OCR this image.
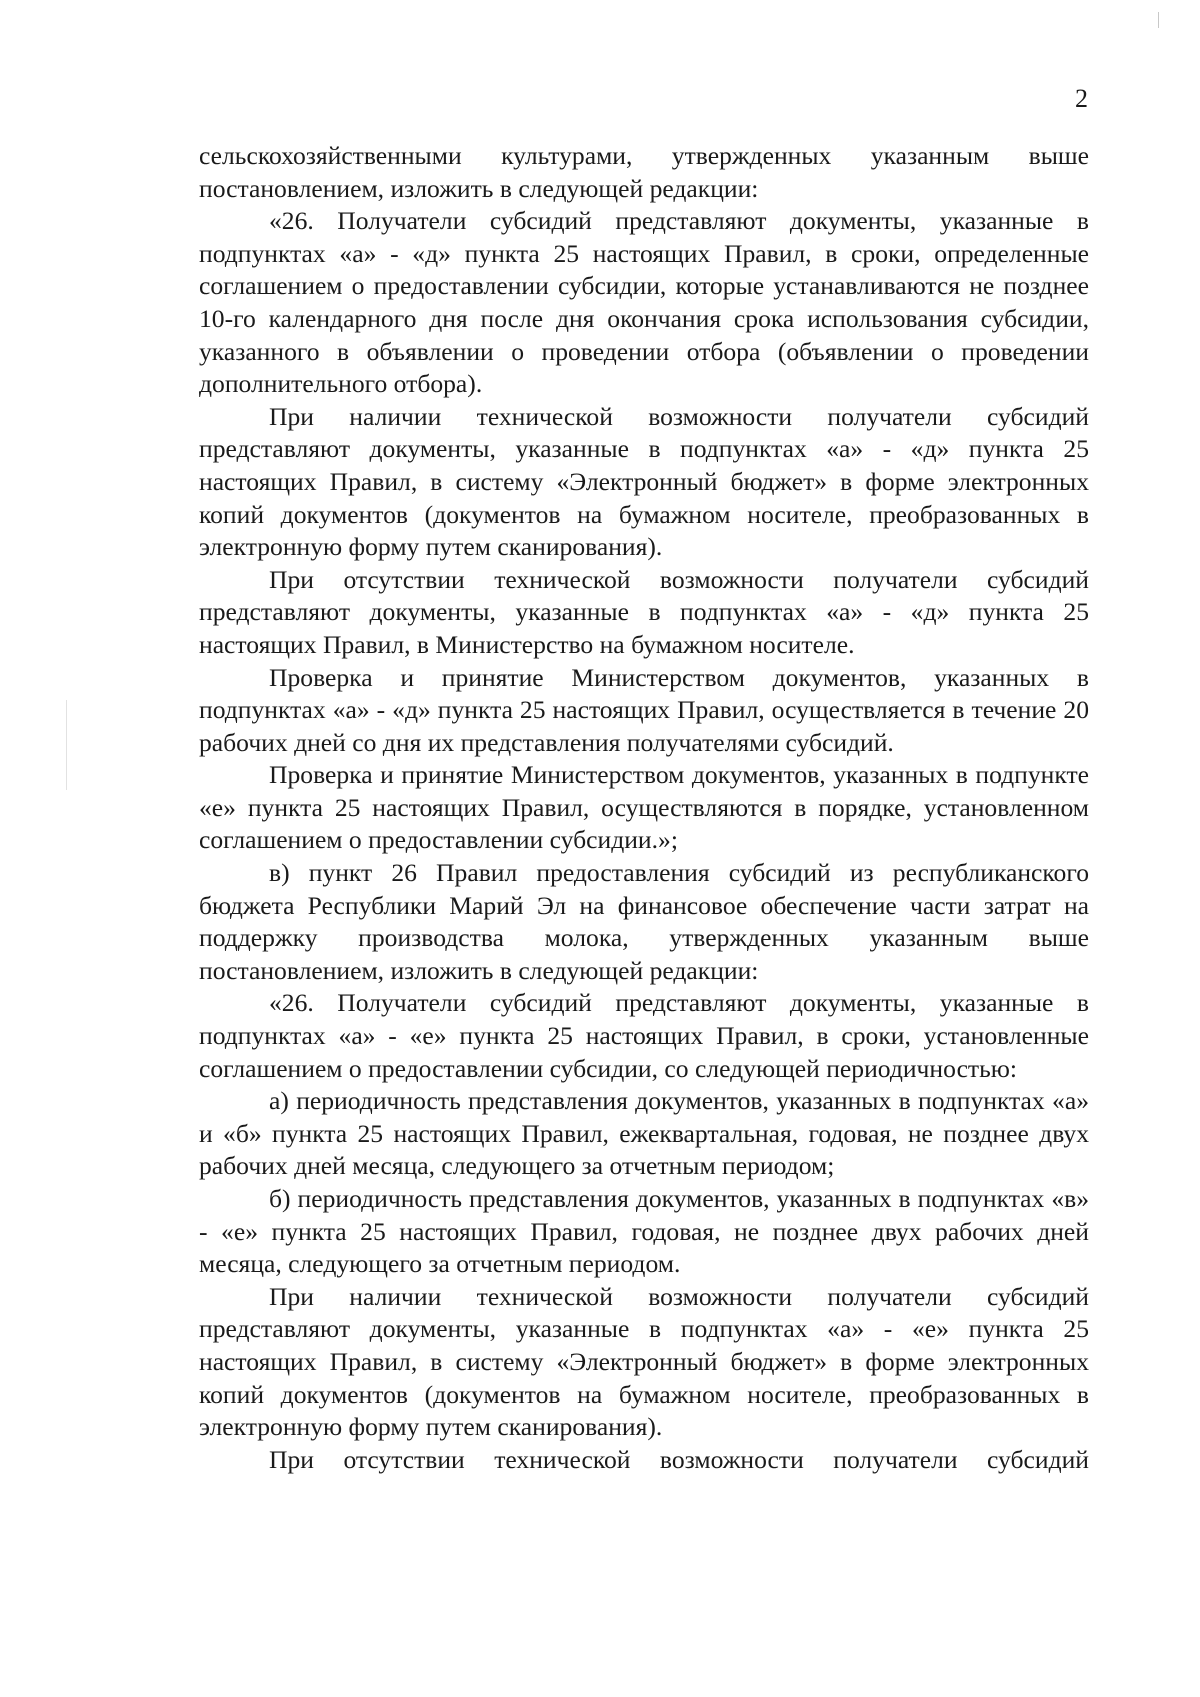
2

сельскохозяйственными культурами, утвержденных указанным выше постановлением, изложить в следующей редакции:

«26. Получатели субсидий представляют документы, указанные в подпунктах «а» - «д» пункта 25 настоящих Правил, в сроки, определенные соглашением о предоставлении субсидии, которые устанавливаются не позднее 10-го календарного дня после дня окончания срока использования субсидии, указанного в объявлении о проведении отбора (объявлении о проведении дополнительного отбора).

При наличии технической возможности получатели субсидий представляют документы, указанные в подпунктах «а» - «д» пункта 25 настоящих Правил, в систему «Электронный бюджет» в форме электронных копий документов (документов на бумажном носителе, преобразованных в электронную форму путем сканирования).

При отсутствии технической возможности получатели субсидий представляют документы, указанные в подпунктах «а» - «д» пункта 25 настоящих Правил, в Министерство на бумажном носителе.

Проверка и принятие Министерством документов, указанных в подпунктах «а» - «д» пункта 25 настоящих Правил, осуществляется в течение 20 рабочих дней со дня их представления получателями субсидий.

Проверка и принятие Министерством документов, указанных в подпункте «е» пункта 25 настоящих Правил, осуществляются в порядке, установленном соглашением о предоставлении субсидии.»;

в) пункт 26 Правил предоставления субсидий из республиканского бюджета Республики Марий Эл на финансовое обеспечение части затрат на поддержку производства молока, утвержденных указанным выше постановлением, изложить в следующей редакции:

«26. Получатели субсидий представляют документы, указанные в подпунктах «а» - «е» пункта 25 настоящих Правил, в сроки, установленные соглашением о предоставлении субсидии, со следующей периодичностью:

а) периодичность представления документов, указанных в подпунктах «а» и «б» пункта 25 настоящих Правил, ежеквартальная, годовая, не позднее двух рабочих дней месяца, следующего за отчетным периодом;

б) периодичность представления документов, указанных в подпунктах «в» - «е» пункта 25 настоящих Правил, годовая, не позднее двух рабочих дней месяца, следующего за отчетным периодом.

При наличии технической возможности получатели субсидий представляют документы, указанные в подпунктах «а» - «е» пункта 25 настоящих Правил, в систему «Электронный бюджет» в форме электронных копий документов (документов на бумажном носителе, преобразованных в электронную форму путем сканирования).

При отсутствии технической возможности получатели субсидий
